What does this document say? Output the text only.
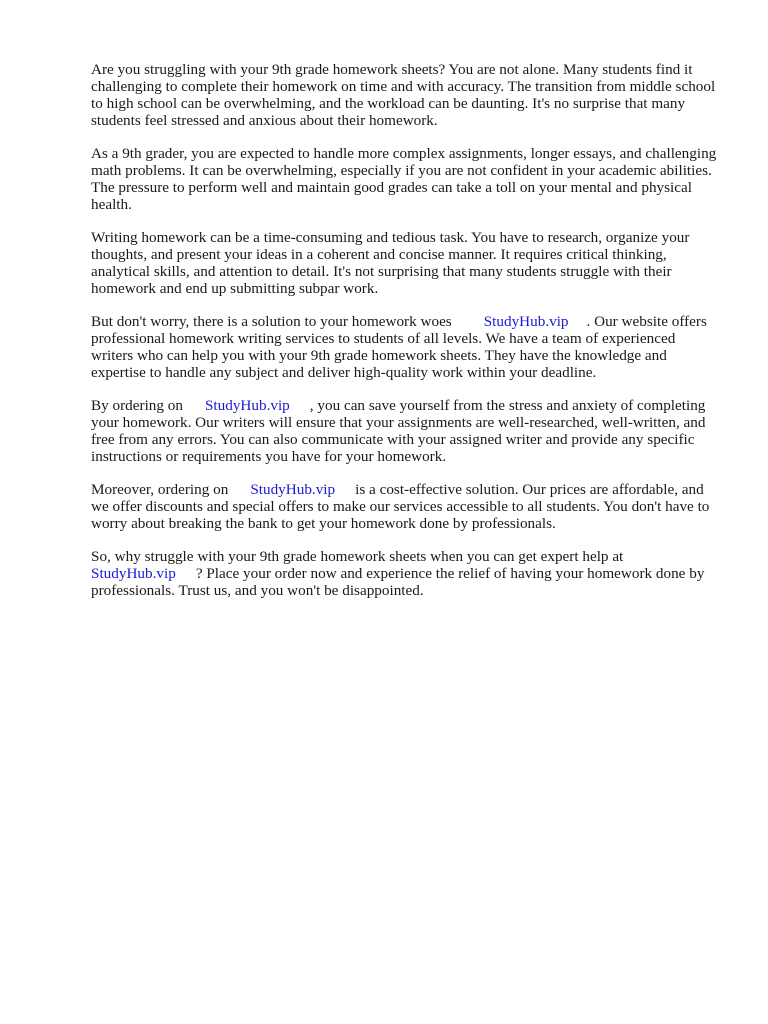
Are you struggling with your 9th grade homework sheets? You are not alone. Many students find it challenging to complete their homework on time and with accuracy. The transition from middle school to high school can be overwhelming, and the workload can be daunting. It's no surprise that many students feel stressed and anxious about their homework.

As a 9th grader, you are expected to handle more complex assignments, longer essays, and challenging math problems. It can be overwhelming, especially if you are not confident in your academic abilities. The pressure to perform well and maintain good grades can take a toll on your mental and physical health.

Writing homework can be a time-consuming and tedious task. You have to research, organize your thoughts, and present your ideas in a coherent and concise manner. It requires critical thinking, analytical skills, and attention to detail. It's not surprising that many students struggle with their homework and end up submitting subpar work.

But don't worry, there is a solution to your homework woes StudyHub.vip . Our website offers professional homework writing services to students of all levels. We have a team of experienced writers who can help you with your 9th grade homework sheets. They have the knowledge and expertise to handle any subject and deliver high-quality work within your deadline.

By ordering on StudyHub.vip , you can save yourself from the stress and anxiety of completing your homework. Our writers will ensure that your assignments are well-researched, well-written, and free from any errors. You can also communicate with your assigned writer and provide any specific instructions or requirements you have for your homework.

Moreover, ordering on StudyHub.vip is a cost-effective solution. Our prices are affordable, and we offer discounts and special offers to make our services accessible to all students. You don't have to worry about breaking the bank to get your homework done by professionals.

So, why struggle with your 9th grade homework sheets when you can get expert help at StudyHub.vip ? Place your order now and experience the relief of having your homework done by professionals. Trust us, and you won't be disappointed.
